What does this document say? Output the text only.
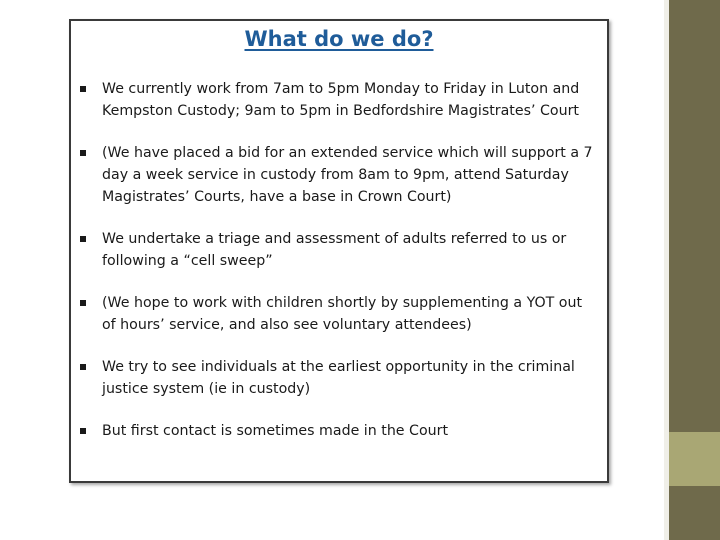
What do we do?
We currently work from 7am to 5pm Monday to Friday in Luton and Kempston Custody; 9am to 5pm in Bedfordshire Magistrates’ Court
(We have placed a bid for an extended service which will support a 7 day a week service in custody from 8am to 9pm, attend Saturday Magistrates’ Courts, have a base in Crown Court)
We undertake a triage and assessment of adults referred to us or following a “cell sweep”
(We hope to work with children shortly by supplementing a YOT out of hours’ service, and also see voluntary attendees)
We try to see individuals at the earliest opportunity in the criminal justice system (ie in custody)
But first contact is sometimes made in the Court
